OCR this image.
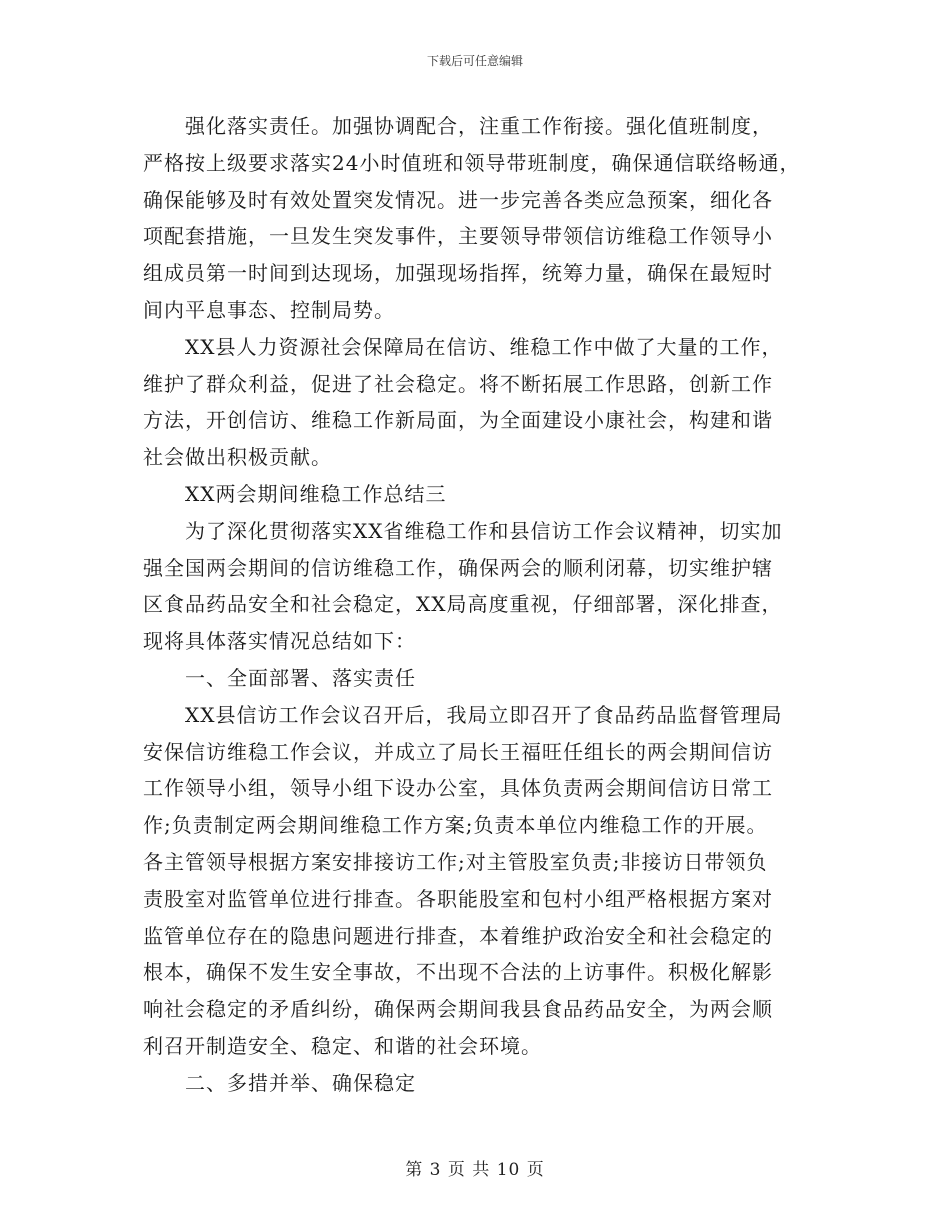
下载后可任意编辑
强化落实责任。加强协调配合，注重工作衔接。强化值班制度，
严格按上级要求落实24小时值班和领导带班制度，确保通信联络畅通，
确保能够及时有效处置突发情况。进一步完善各类应急预案，细化各
项配套措施，一旦发生突发事件，主要领导带领信访维稳工作领导小
组成员第一时间到达现场，加强现场指挥，统筹力量，确保在最短时
间内平息事态、控制局势。
XX县人力资源社会保障局在信访、维稳工作中做了大量的工作，
维护了群众利益，促进了社会稳定。将不断拓展工作思路，创新工作
方法，开创信访、维稳工作新局面，为全面建设小康社会，构建和谐
社会做出积极贡献。
XX两会期间维稳工作总结三
为了深化贯彻落实XX省维稳工作和县信访工作会议精神，切实加
强全国两会期间的信访维稳工作，确保两会的顺利闭幕，切实维护辖
区食品药品安全和社会稳定，XX局高度重视，仔细部署，深化排查，
现将具体落实情况总结如下：
一、全面部署、落实责任
XX县信访工作会议召开后，我局立即召开了食品药品监督管理局
安保信访维稳工作会议，并成立了局长王福旺任组长的两会期间信访
工作领导小组，领导小组下设办公室，具体负责两会期间信访日常工
作;负责制定两会期间维稳工作方案;负责本单位内维稳工作的开展。
各主管领导根据方案安排接访工作;对主管股室负责;非接访日带领负
责股室对监管单位进行排查。各职能股室和包村小组严格根据方案对
监管单位存在的隐患问题进行排查，本着维护政治安全和社会稳定的
根本，确保不发生安全事故，不出现不合法的上访事件。积极化解影
响社会稳定的矛盾纠纷，确保两会期间我县食品药品安全，为两会顺
利召开制造安全、稳定、和谐的社会环境。
二、多措并举、确保稳定
第 3 页 共 10 页
